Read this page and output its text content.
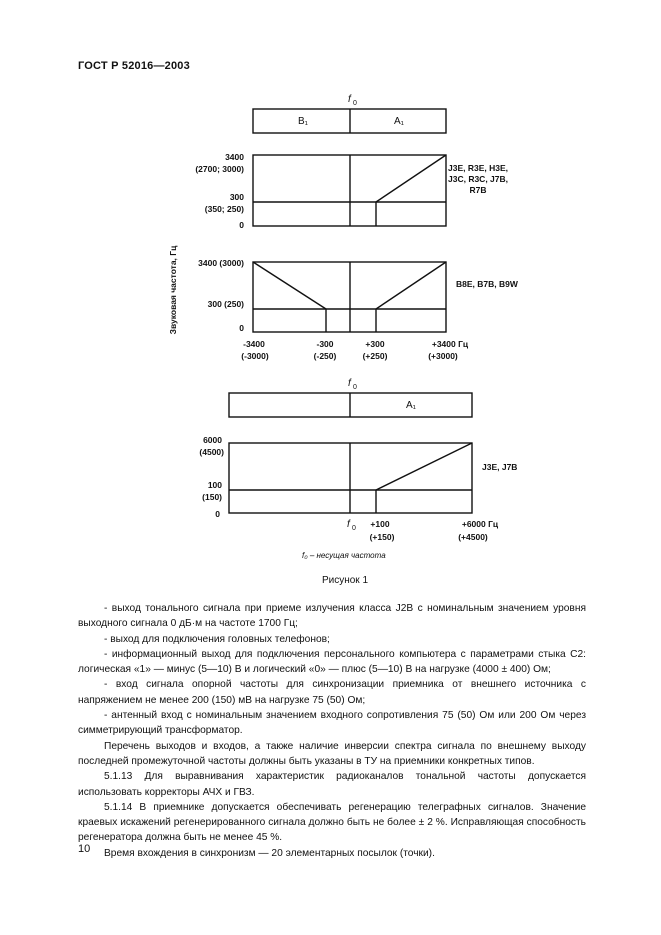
ГОСТ Р 52016—2003
f 0
B₁	A₁
3400
(2700; 3000)
300
(350; 250)
0
J3E, R3E, H3E,
J3C, R3C, J7B,
R7B
3400 (3000)
300 (250)
0
B8E, B7B, B9W
Звуковая частота, Гц
-3400
(-3000)
-300
(-250)
+300
(+250)
+3400 Гц
(+3000)
f 0
A₁
6000
(4500)
100
(150)
0
J3E, J7B
f 0 +100
(+150)
+6000 Гц
(+4500)
f₀ – несущая частота
Рисунок 1

- выход тонального сигнала при приеме излучения класса J2B с номинальным значением уровня выходного сигнала 0 дБ·м на частоте 1700 Гц;

- выход для подключения головных телефонов;

- информационный выход для подключения персонального компьютера с параметрами стыка С2: логическая «1» — минус (5—10) В и логический «0» — плюс (5—10) В на нагрузке (4000 ± 400) Ом;

- вход сигнала опорной частоты для синхронизации приемника от внешнего источника с напряжением не менее 200 (150) мВ на нагрузке 75 (50) Ом;

- антенный вход с номинальным значением входного сопротивления 75 (50) Ом или 200 Ом через симметрирующий трансформатор.

Перечень выходов и входов, а также наличие инверсии спектра сигнала по внешнему выходу последней промежуточной частоты должны быть указаны в ТУ на приемники конкретных типов.

5.1.13 Для выравнивания характеристик радиоканалов тональной частоты допускается использовать корректоры АЧХ и ГВЗ.

5.1.14 В приемнике допускается обеспечивать регенерацию телеграфных сигналов. Значение краевых искажений регенерированного сигнала должно быть не более ± 2 %. Исправляющая способность регенератора должна быть не менее 45 %.

Время вхождения в синхронизм — 20 элементарных посылок (точки).

10
